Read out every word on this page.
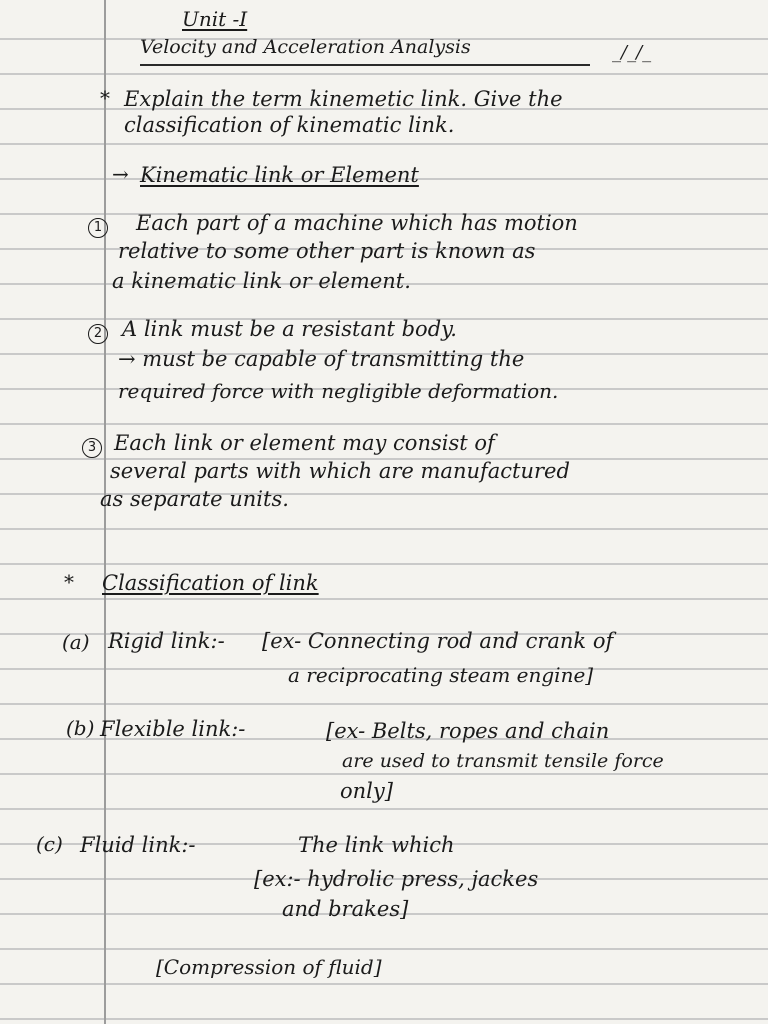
Unit -I
Velocity and Acceleration Analysis	_/_/_
* Explain the term kinemetic link. Give the
classification of kinematic link.
→ Kinematic link or Element
1 Each part of a machine which has motion
relative to some other part is known as
a kinematic link or element.
2 A link must be a resistant body.
→ must be capable of transmitting the
required force with negligible deformation.
3 Each link or element may consist of
several parts with which are manufactured
as separate units.
* Classification of link
(a) Rigid link:- [ex- Connecting rod and crank of
a reciprocating steam engine]
(b) Flexible link:-	[ex- Belts, ropes and chain
are used to transmit tensile force
only]
(c) Fluid link:-	The link which
[ex:- hydrolic press, jackes
and brakes]
[Compression of fluid]
